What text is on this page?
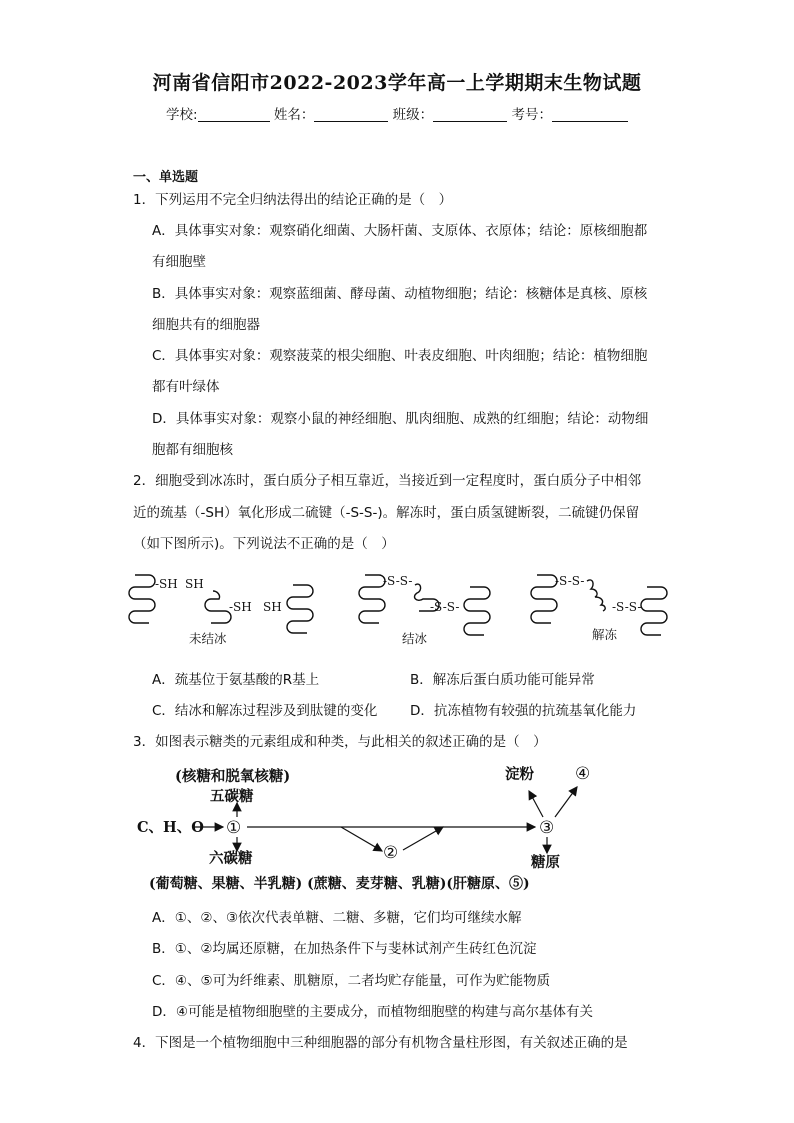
河南省信阳市2022-2023学年高一上学期期末生物试题
学校:	姓名：	班级：	考号：
一、单选题
1．下列运用不完全归纳法得出的结论正确的是（　）
A．具体事实对象：观察硝化细菌、大肠杆菌、支原体、衣原体；结论：原核细胞都
有细胞壁
B．具体事实对象：观察蓝细菌、酵母菌、动植物细胞；结论：核糖体是真核、原核
细胞共有的细胞器
C．具体事实对象：观察菠菜的根尖细胞、叶表皮细胞、叶肉细胞；结论：植物细胞
都有叶绿体
D．具体事实对象：观察小鼠的神经细胞、肌肉细胞、成熟的红细胞；结论：动物细
胞都有细胞核
2．细胞受到冰冻时，蛋白质分子相互靠近，当接近到一定程度时，蛋白质分子中相邻
近的巯基（-SH）氧化形成二硫键（-S-S-)。解冻时，蛋白质氢键断裂，二硫键仍保留
（如下图所示)。下列说法不正确的是（　）
-SH SH
-SH SH
-S-S-
-S-S-
-S-S-
-S-S-
未结冰	结冰	解冻
A．巯基位于氨基酸的R基上	B．解冻后蛋白质功能可能异常
C．结冰和解冻过程涉及到肽键的变化 D．抗冻植物有较强的抗巯基氧化能力
3．如图表示糖类的元素组成和种类，与此相关的叙述正确的是（　）
(核糖和脱氧核糖)
五碳糖
C、H、O ①
六碳糖	②
③
淀粉 ④
糖原
(葡萄糖、果糖、半乳糖) (蔗糖、麦芽糖、乳糖)(肝糖原、⑤)
A．①、②、③依次代表单糖、二糖、多糖，它们均可继续水解
B．①、②均属还原糖，在加热条件下与斐林试剂产生砖红色沉淀
C．④、⑤可为纤维素、肌糖原，二者均贮存能量，可作为贮能物质
D．④可能是植物细胞壁的主要成分，而植物细胞壁的构建与高尔基体有关
4．下图是一个植物细胞中三种细胞器的部分有机物含量柱形图，有关叙述正确的是
